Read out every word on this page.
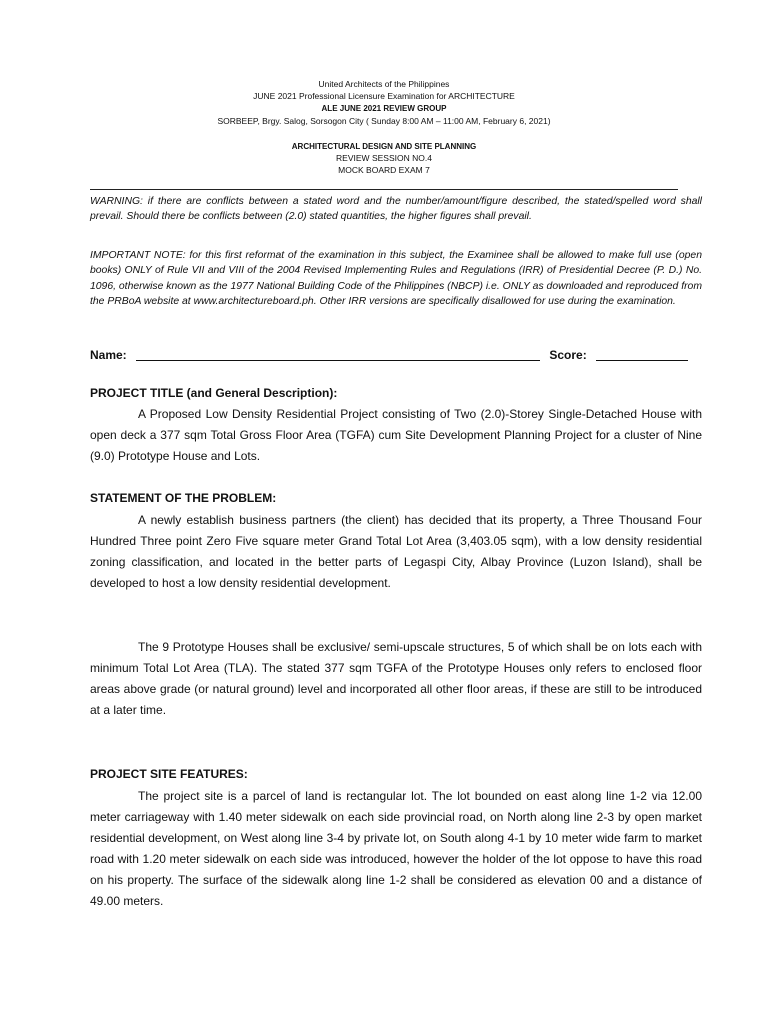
United Architects of the Philippines
JUNE 2021 Professional Licensure Examination for ARCHITECTURE
ALE JUNE 2021 REVIEW GROUP
SORBEEP, Brgy. Salog, Sorsogon City ( Sunday 8:00 AM – 11:00 AM, February 6, 2021)
ARCHITECTURAL DESIGN AND SITE PLANNING
REVIEW SESSION NO.4
MOCK BOARD EXAM 7
WARNING: if there are conflicts between a stated word and the number/amount/figure described, the stated/spelled word shall prevail. Should there be conflicts between (2.0) stated quantities, the higher figures shall prevail.
IMPORTANT NOTE: for this first reformat of the examination in this subject, the Examinee shall be allowed to make full use (open books) ONLY of Rule VII and VIII of the 2004 Revised Implementing Rules and Regulations (IRR) of Presidential Decree (P. D.) No. 1096, otherwise known as the 1977 National Building Code of the Philippines (NBCP) i.e. ONLY as downloaded and reproduced from the PRBoA website at www.architectureboard.ph. Other IRR versions are specifically disallowed for use during the examination.
Name:	Score:
PROJECT TITLE (and General Description):
A Proposed Low Density Residential Project consisting of Two (2.0)-Storey Single-Detached House with open deck a 377 sqm Total Gross Floor Area (TGFA) cum Site Development Planning Project for a cluster of Nine (9.0) Prototype House and Lots.
STATEMENT OF THE PROBLEM:
A newly establish business partners (the client) has decided that its property, a Three Thousand Four Hundred Three point Zero Five square meter Grand Total Lot Area (3,403.05 sqm), with a low density residential zoning classification, and located in the better parts of Legaspi City, Albay Province (Luzon Island), shall be developed to host a low density residential development.
The 9 Prototype Houses shall be exclusive/ semi-upscale structures, 5 of which shall be on lots each with minimum Total Lot Area (TLA). The stated 377 sqm TGFA of the Prototype Houses only refers to enclosed floor areas above grade (or natural ground) level and incorporated all other floor areas, if these are still to be introduced at a later time.
PROJECT SITE FEATURES:
The project site is a parcel of land is rectangular lot. The lot bounded on east along line 1-2 via 12.00 meter carriageway with 1.40 meter sidewalk on each side provincial road, on North along line 2-3 by open market residential development, on West along line 3-4 by private lot, on South along 4-1 by 10 meter wide farm to market road with 1.20 meter sidewalk on each side was introduced, however the holder of the lot oppose to have this road on his property. The surface of the sidewalk along line 1-2 shall be considered as elevation 00 and a distance of 49.00 meters.
